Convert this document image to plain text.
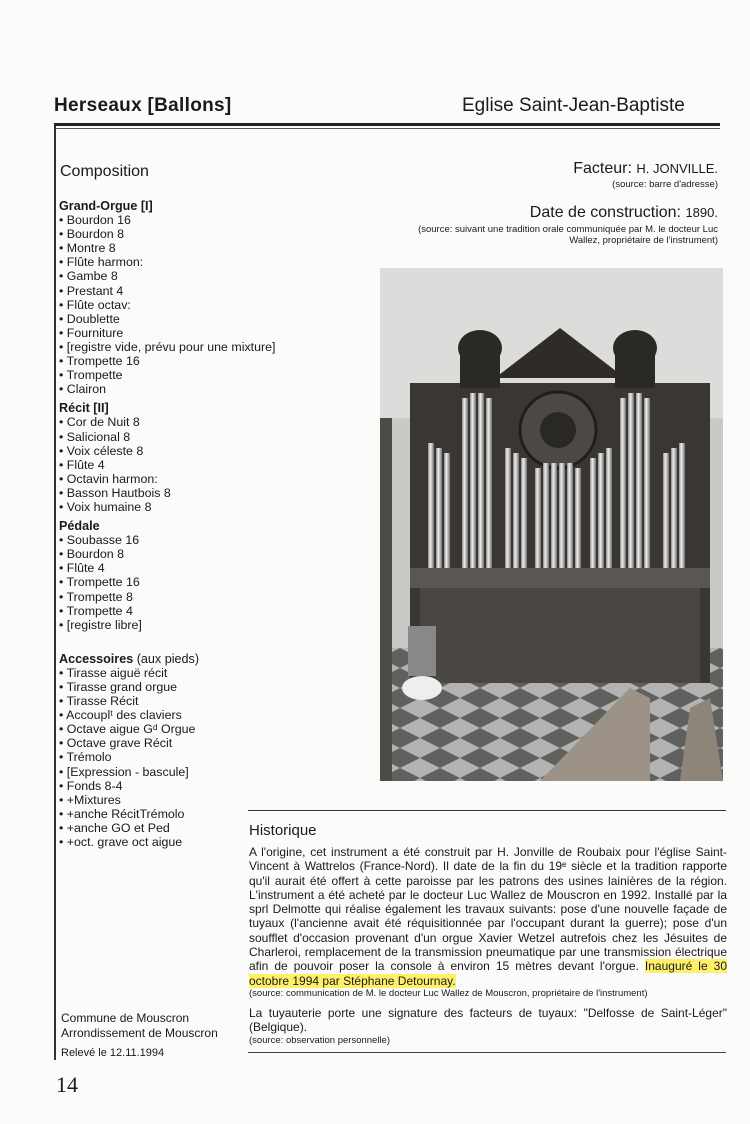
Herseaux [Ballons]	Eglise Saint-Jean-Baptiste
Composition
Grand-Orgue [I]
• Bourdon 16
• Bourdon 8
• Montre 8
• Flûte harmon:
• Gambe 8
• Prestant 4
• Flûte octav:
• Doublette
• Fourniture
• [registre vide, prévu pour une mixture]
• Trompette 16
• Trompette
• Clairon
Récit [II]
• Cor de Nuit 8
• Salicional 8
• Voix céleste 8
• Flûte 4
• Octavin harmon:
• Basson Hautbois 8
• Voix humaine 8
Pédale
• Soubasse 16
• Bourdon 8
• Flûte 4
• Trompette 16
• Trompette 8
• Trompette 4
• [registre libre]
Accessoires (aux pieds)
• Tirasse aiguë récit
• Tirasse grand orgue
• Tirasse Récit
• Accouplᵗ des claviers
• Octave aigue Gᵈ Orgue
• Octave grave Récit
• Trémolo
• [Expression - bascule]
• Fonds 8-4
• +Mixtures
• +anche RécitTrémolo
• +anche GO et Ped
• +oct. grave oct aigue
Facteur: H. JONVILLE.
(source: barre d'adresse)
Date de construction: 1890.
(source: suivant une tradition orale communiquée par M. le docteur Luc Wallez, propriétaire de l'instrument)
Historique

A l'origine, cet instrument a été construit par H. Jonville de Roubaix pour l'église Saint-Vincent à Wattrelos (France-Nord). Il date de la fin du 19ᵉ siècle et la tradition rapporte qu'il aurait été offert à cette paroisse par les patrons des usines lainières de la région. L'instrument a été acheté par le docteur Luc Wallez de Mouscron en 1992. Installé par la sprl Delmotte qui réalise également les travaux suivants: pose d'une nouvelle façade de tuyaux (l'ancienne avait été réquisitionnée par l'occupant durant la guerre); pose d'un soufflet d'occasion provenant d'un orgue Xavier Wetzel autrefois chez les Jésuites de Charleroi, remplacement de la transmission pneumatique par une transmission électrique afin de pouvoir poser la console à environ 15 mètres devant l'orgue. Inauguré le 30 octobre 1994 par Stéphane Detournay.

(source: communication de M. le docteur Luc Wallez de Mouscron, propriétaire de l'instrument)

La tuyauterie porte une signature des facteurs de tuyaux: "Delfosse de Saint-Léger" (Belgique).

(source: observation personnelle)

Commune de Mouscron
Arrondissement de Mouscron
Relevé le 12.11.1994
14
